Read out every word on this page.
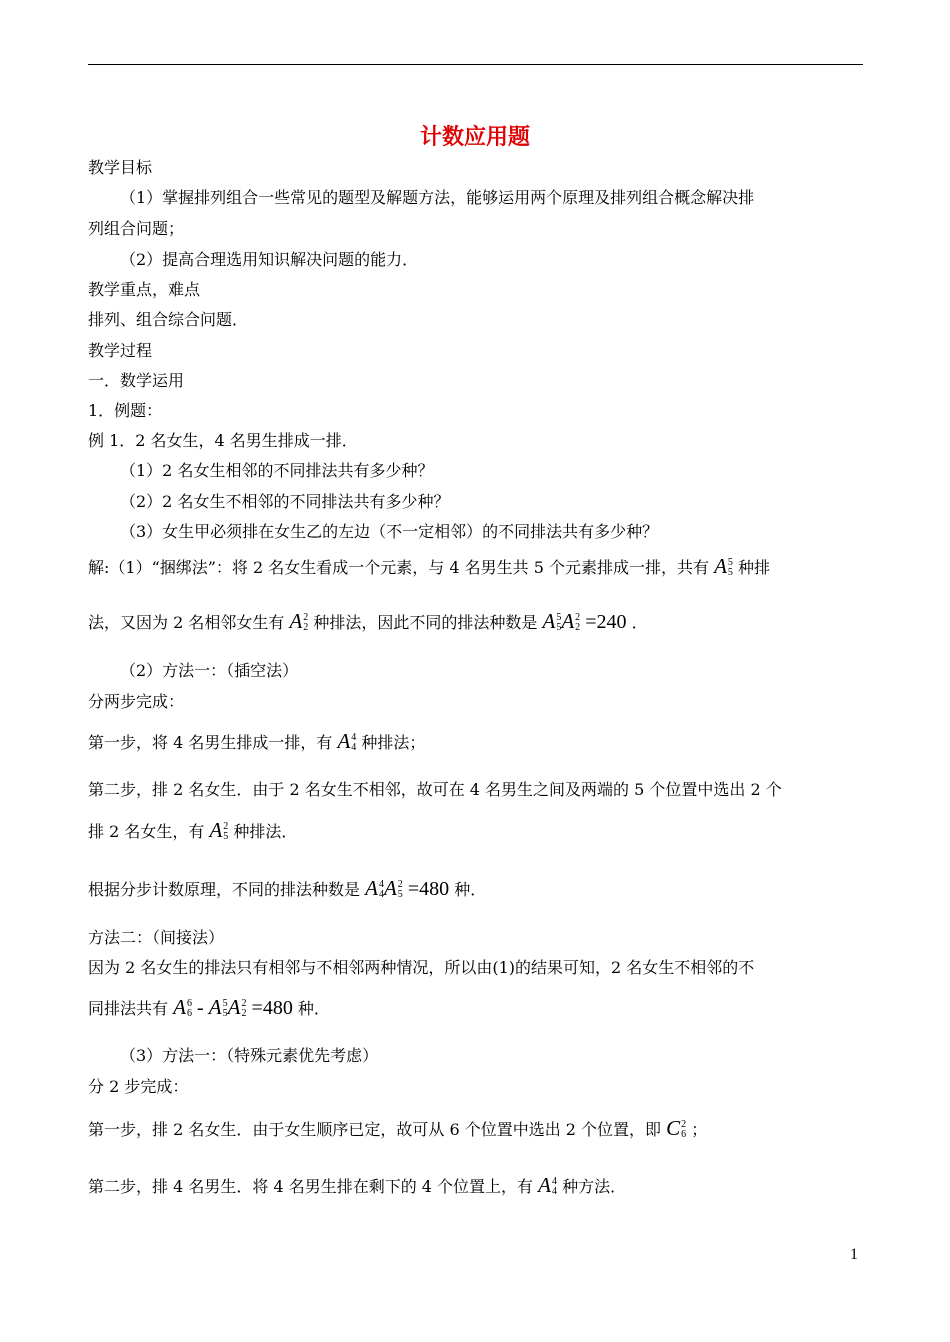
计数应用题
教学目标
（1）掌握排列组合一些常见的题型及解题方法，能够运用两个原理及排列组合概念解决排
列组合问题；
（2）提高合理选用知识解决问题的能力．
教学重点，难点
排列、组合综合问题．
教学过程
一．数学运用
1．例题：
例 1．2 名女生，4 名男生排成一排．
（1）2 名女生相邻的不同排法共有多少种？
（2）2 名女生不相邻的不同排法共有多少种？
（3）女生甲必须排在女生乙的左边（不一定相邻）的不同排法共有多少种？
解:（1）“捆绑法”：将 2 名女生看成一个元素，与 4 名男生共 5 个元素排成一排，共有 A 5
5 种排
法，又因为 2 名相邻女生有 A 2
2 种排法，因此不同的排法种数是 A 5
5 A 2
2 =240 ．
（2）方法一：（插空法）
分两步完成：
第一步，将 4 名男生排成一排，有 A 4
4 种排法；
第二步，排 2 名女生．由于 2 名女生不相邻，故可在 4 名男生之间及两端的 5 个位置中选出 2 个
排 2 名女生，有 A 2
5 种排法．
根据分步计数原理，不同的排法种数是 A 4
4 A 2
5 =480 种．
方法二：（间接法）
因为 2 名女生的排法只有相邻与不相邻两种情况，所以由(1)的结果可知，2 名女生不相邻的不
同排法共有 A 6
6 - A 5
5 A 2
2 =480 种．
（3）方法一：（特殊元素优先考虑）
分 2 步完成：
第一步，排 2 名女生．由于女生顺序已定，故可从 6 个位置中选出 2 个位置，即 C 2
6 ；
第二步，排 4 名男生．将 4 名男生排在剩下的 4 个位置上，有 A 4
4 种方法．
1
